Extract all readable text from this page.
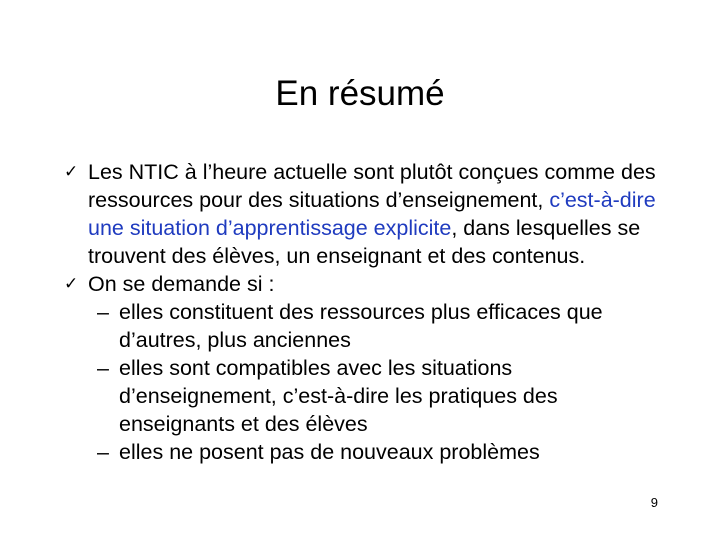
En résumé
✓ Les NTIC à l’heure actuelle sont plutôt conçues comme des ressources pour des situations d’enseignement, c’est-à-dire une situation d’apprentissage explicite, dans lesquelles se trouvent des élèves, un enseignant et des contenus.
✓ On se demande si :
– elles constituent des ressources plus efficaces que d’autres, plus anciennes
– elles sont compatibles avec les situations d’enseignement, c’est-à-dire les pratiques des enseignants et des élèves
– elles ne posent pas de nouveaux problèmes
9
